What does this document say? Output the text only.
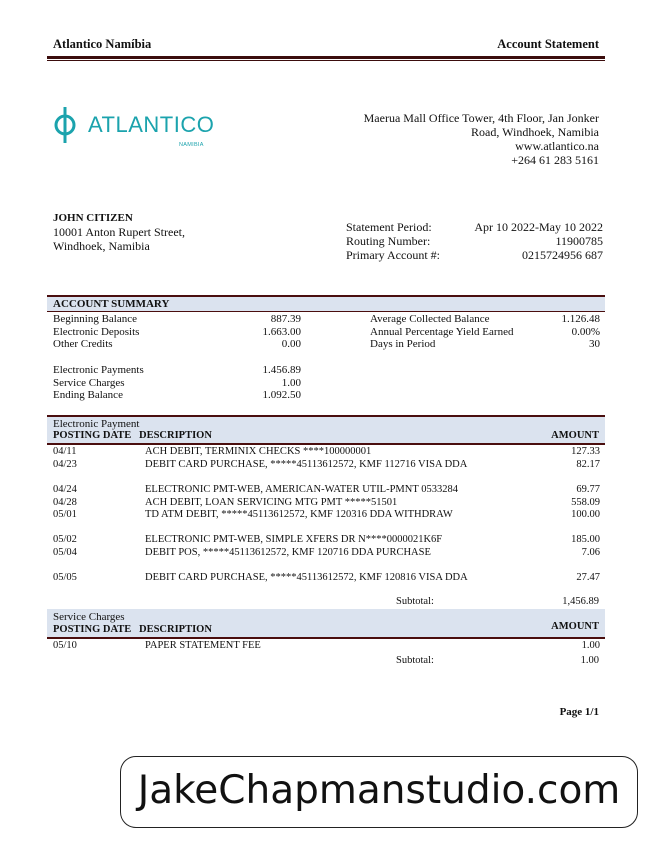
Atlantico Namíbia	Account Statement
ATLANTICO
NAMIBIA
Maerua Mall Office Tower, 4th Floor, Jan Jonker
Road, Windhoek, Namibia
www.atlantico.na
+264 61 283 5161
JOHN CITIZEN
10001 Anton Rupert Street,
Windhoek, Namibia
Statement Period:	Apr 10 2022-May 10 2022
Routing Number:	11900785
Primary Account #:	0215724956 687
ACCOUNT SUMMARY
Beginning Balance	887.39
Electronic Deposits	1.663.00
Other Credits	0.00
Electronic Payments	1.456.89
Service Charges	1.00
Ending Balance	1.092.50
Average Collected Balance	1.126.48
Annual Percentage Yield Earned	0.00%
Days in Period	30
Electronic Payment
POSTING DATE DESCRIPTION	AMOUNT
04/11	ACH DEBIT, TERMINIX CHECKS ****100000001	127.33
04/23	DEBIT CARD PURCHASE, *****45113612572, KMF 112716 VISA DDA	82.17
04/24	ELECTRONIC PMT-WEB, AMERICAN-WATER UTIL-PMNT 0533284	69.77
04/28	ACH DEBIT, LOAN SERVICING MTG PMT *****51501	558.09
05/01	TD ATM DEBIT, *****45113612572, KMF 120316 DDA WITHDRAW	100.00
05/02	ELECTRONIC PMT-WEB, SIMPLE XFERS DR N****0000021K6F	185.00
05/04	DEBIT POS, *****45113612572, KMF 120716 DDA PURCHASE	7.06
05/05	DEBIT CARD PURCHASE, *****45113612572, KMF 120816 VISA DDA	27.47
Subtotal:	1,456.89
Service Charges
POSTING DATE DESCRIPTION	AMOUNT
05/10	PAPER STATEMENT FEE	1.00
Subtotal:	1.00
Page 1/1
JakeChapmanstudio.com
